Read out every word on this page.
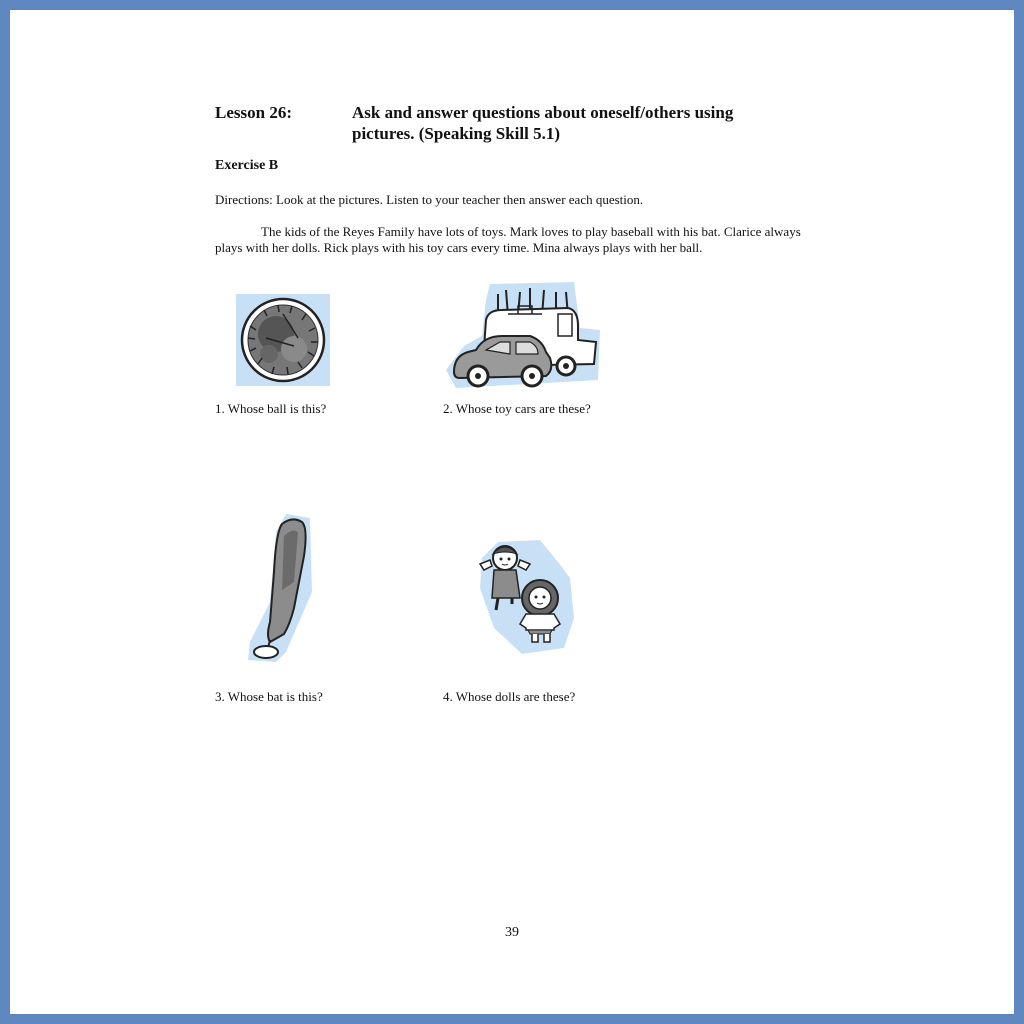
Lesson 26:	Ask and answer questions about oneself/others using pictures. (Speaking Skill 5.1)
Exercise B
Directions: Look at the pictures. Listen to your teacher then answer each question.
The kids of the Reyes Family have lots of toys. Mark loves to play baseball with his bat. Clarice always plays with her dolls. Rick plays with his toy cars every time. Mina always plays with her ball.
1. Whose ball is this?	2. Whose toy cars are these?
3. Whose bat is this?	4. Whose dolls are these?
39
